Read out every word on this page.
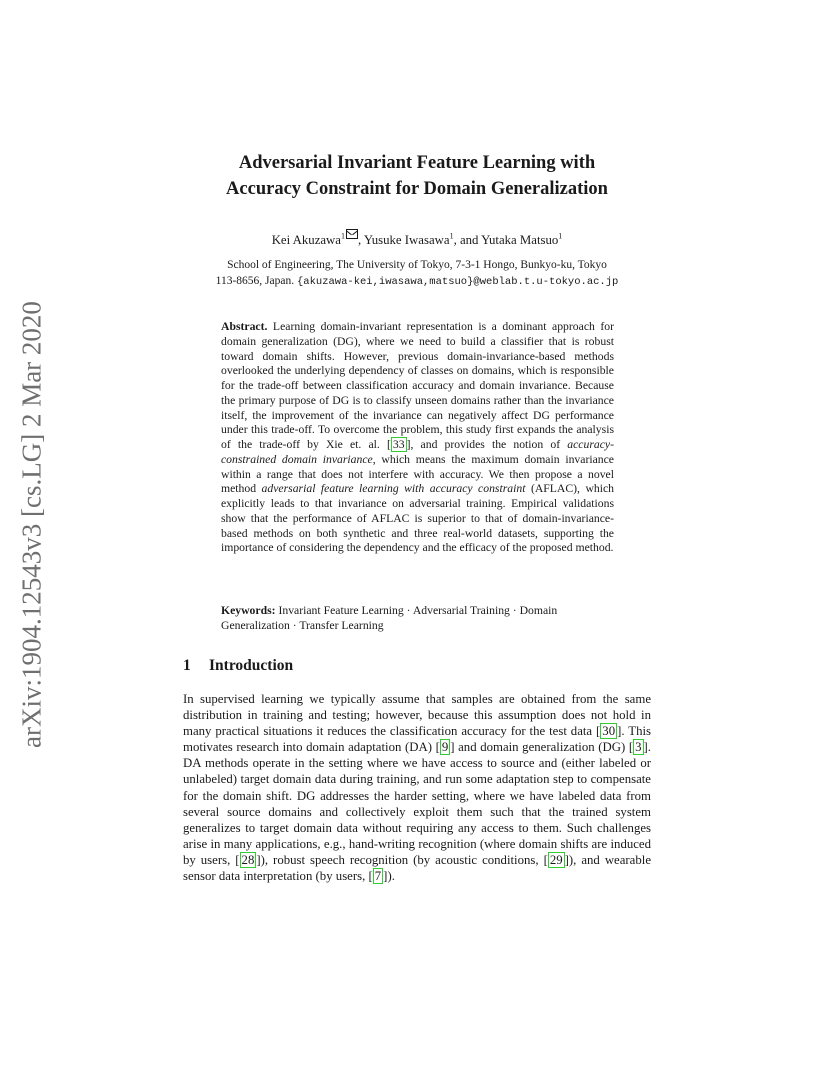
arXiv:1904.12543v3 [cs.LG] 2 Mar 2020
Adversarial Invariant Feature Learning with
Accuracy Constraint for Domain Generalization

Kei Akuzawa$^1$ , Yusuke Iwasawa$^1$, and Yutaka Matsuo$^1$

School of Engineering, The University of Tokyo, 7-3-1 Hongo, Bunkyo-ku, Tokyo
113-8656, Japan. {akuzawa-kei,iwasawa,matsuo}@weblab.t.u-tokyo.ac.jp

Abstract. Learning domain-invariant representation is a dominant approach for domain generalization (DG), where we need to build a classifier that is robust toward domain shifts. However, previous domain-invariance-based methods overlooked the underlying dependency of classes on domains, which is responsible for the trade-off between classification accuracy and domain invariance. Because the primary purpose of DG is to classify unseen domains rather than the invariance itself, the improvement of the invariance can negatively affect DG performance under this trade-off. To overcome the problem, this study first expands the analysis of the trade-off by Xie et. al. [ 33 ], and provides the notion of accuracy-constrained domain invariance, which means the maximum domain invariance within a range that does not interfere with accuracy. We then propose a novel method adversarial feature learning with accuracy constraint (AFLAC), which explicitly leads to that invariance on adversarial training. Empirical validations show that the performance of AFLAC is superior to that of domain-invariance-based methods on both synthetic and three real-world datasets, supporting the importance of considering the dependency and the efficacy of the proposed method.

Keywords: Invariant Feature Learning · Adversarial Training · Domain Generalization · Transfer Learning

1 Introduction

In supervised learning we typically assume that samples are obtained from the same distribution in training and testing; however, because this assumption does not hold in many practical situations it reduces the classification accuracy for the test data [ 30 ]. This motivates research into domain adaptation (DA) [ 9 ] and domain generalization (DG) [ 3 ]. DA methods operate in the setting where we have access to source and (either labeled or unlabeled) target domain data during training, and run some adaptation step to compensate for the domain shift. DG addresses the harder setting, where we have labeled data from several source domains and collectively exploit them such that the trained system generalizes to target domain data without requiring any access to them. Such challenges arise in many applications, e.g., hand-writing recognition (where domain shifts are induced by users, [ 28 ]), robust speech recognition (by acoustic conditions, [ 29 ]), and wearable sensor data interpretation (by users, [ 7 ]).
